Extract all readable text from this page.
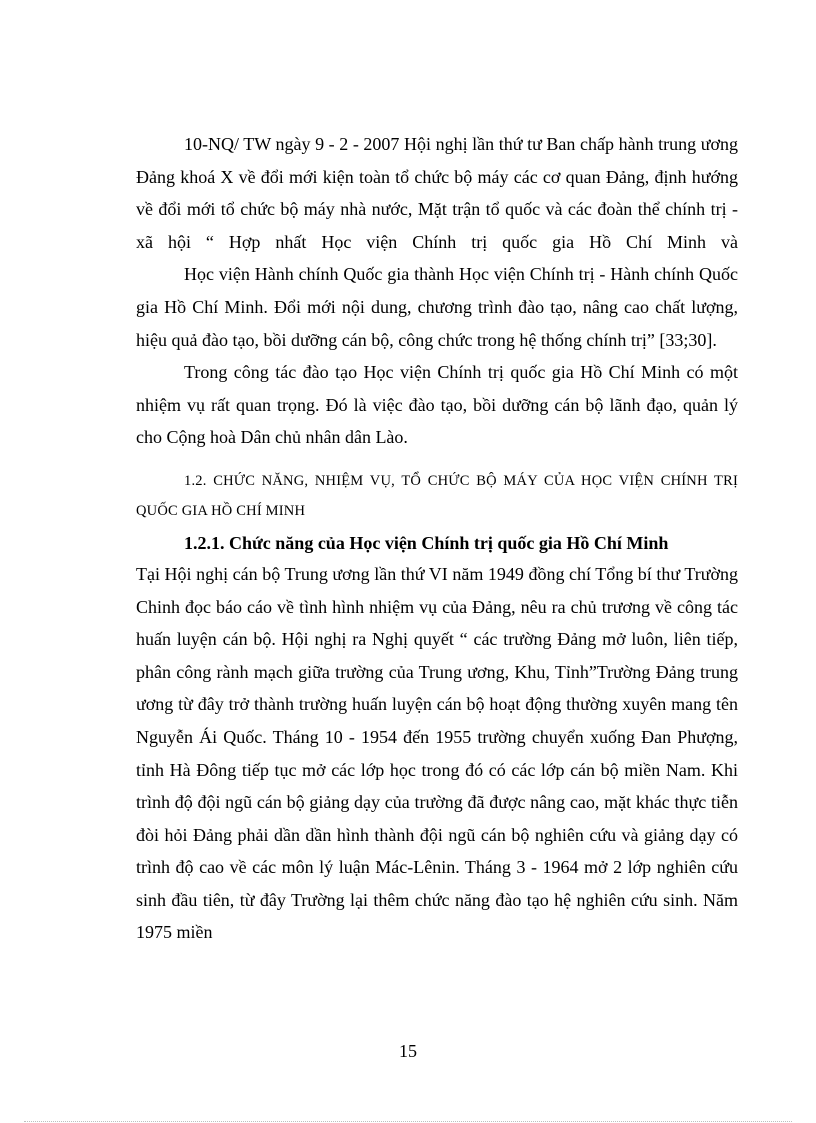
10-NQ/ TW ngày 9 - 2 - 2007 Hội nghị lần thứ tư Ban chấp hành trung ương Đảng khoá X về đổi mới kiện toàn tổ chức bộ máy các cơ quan Đảng, định hướng về đổi mới tổ chức bộ máy nhà nước, Mặt trận tổ quốc và các đoàn thể chính trị - xã hội “ Hợp nhất Học viện Chính trị quốc gia Hồ Chí Minh và

Học viện Hành chính Quốc gia thành Học viện Chính trị - Hành chính Quốc gia Hồ Chí Minh. Đổi mới nội dung, chương trình đào tạo, nâng cao chất lượng, hiệu quả đào tạo, bồi dưỡng cán bộ, công chức trong hệ thống chính trị” [33;30].

Trong công tác đào tạo Học viện Chính trị quốc gia Hồ Chí Minh có một nhiệm vụ rất quan trọng. Đó là việc đào tạo, bồi dưỡng cán bộ lãnh đạo, quản lý cho Cộng hoà Dân chủ nhân dân Lào.

1.2. CHỨC NĂNG, NHIỆM VỤ, TỔ CHỨC BỘ MÁY CỦA HỌC VIỆN CHÍNH TRỊ QUỐC GIA HỒ CHÍ MINH

1.2.1. Chức năng của Học viện Chính trị quốc gia Hồ Chí Minh

Tại Hội nghị cán bộ Trung ương lần thứ VI năm 1949 đồng chí Tổng bí thư Trường Chinh đọc báo cáo về tình hình nhiệm vụ của Đảng, nêu ra chủ trương về công tác huấn luyện cán bộ. Hội nghị ra Nghị quyết “ các trường Đảng mở luôn, liên tiếp, phân công rành mạch giữa trường của Trung ương, Khu, Tỉnh”Trường Đảng trung ương từ đây trở thành trường huấn luyện cán bộ hoạt động thường xuyên mang tên Nguyễn Ái Quốc. Tháng 10 - 1954 đến 1955 trường chuyển xuống Đan Phượng, tỉnh Hà Đông tiếp tục mở các lớp học trong đó có các lớp cán bộ miền Nam. Khi trình độ đội ngũ cán bộ giảng dạy của trường đã được nâng cao, mặt khác thực tiễn đòi hỏi Đảng phải dần dần hình thành đội ngũ cán bộ nghiên cứu và giảng dạy có trình độ cao về các môn lý luận Mác-Lênin. Tháng 3 - 1964 mở 2 lớp nghiên cứu sinh đầu tiên, từ đây Trường lại thêm chức năng đào tạo hệ nghiên cứu sinh. Năm 1975 miền

15
